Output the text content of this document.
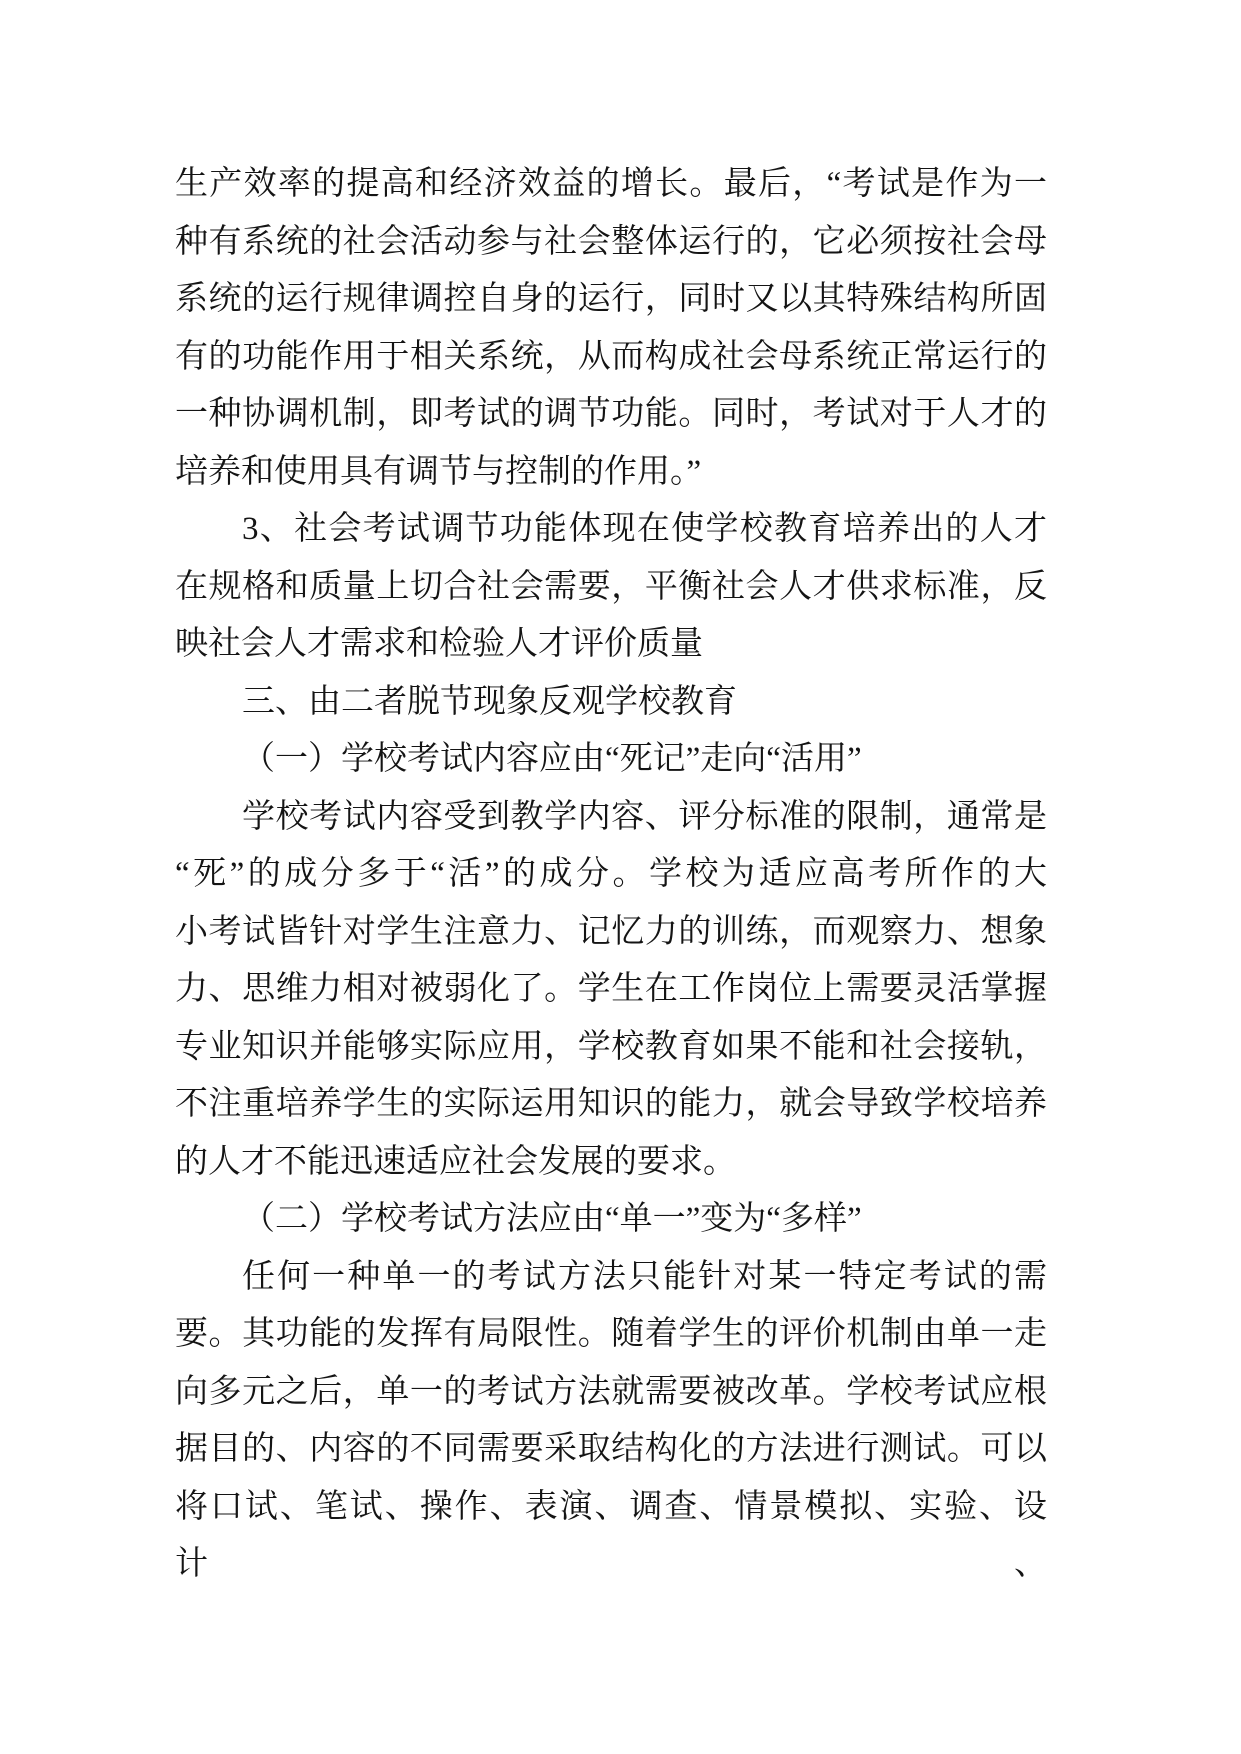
生产效率的提高和经济效益的增长。最后，“考试是作为一
种有系统的社会活动参与社会整体运行的，它必须按社会母
系统的运行规律调控自身的运行，同时又以其特殊结构所固
有的功能作用于相关系统，从而构成社会母系统正常运行的
一种协调机制，即考试的调节功能。同时，考试对于人才的
培养和使用具有调节与控制的作用。”
3、社会考试调节功能体现在使学校教育培养出的人才
在规格和质量上切合社会需要，平衡社会人才供求标准，反
映社会人才需求和检验人才评价质量
三、由二者脱节现象反观学校教育
（一）学校考试内容应由“死记”走向“活用”
学校考试内容受到教学内容、评分标准的限制，通常是
“死”的成分多于“活”的成分。学校为适应高考所作的大
小考试皆针对学生注意力、记忆力的训练，而观察力、想象
力、思维力相对被弱化了。学生在工作岗位上需要灵活掌握
专业知识并能够实际应用，学校教育如果不能和社会接轨，
不注重培养学生的实际运用知识的能力，就会导致学校培养
的人才不能迅速适应社会发展的要求。
（二）学校考试方法应由“单一”变为“多样”
任何一种单一的考试方法只能针对某一特定考试的需
要。其功能的发挥有局限性。随着学生的评价机制由单一走
向多元之后，单一的考试方法就需要被改革。学校考试应根
据目的、内容的不同需要采取结构化的方法进行测试。可以
将口试、笔试、操作、表演、调查、情景模拟、实验、设计、
